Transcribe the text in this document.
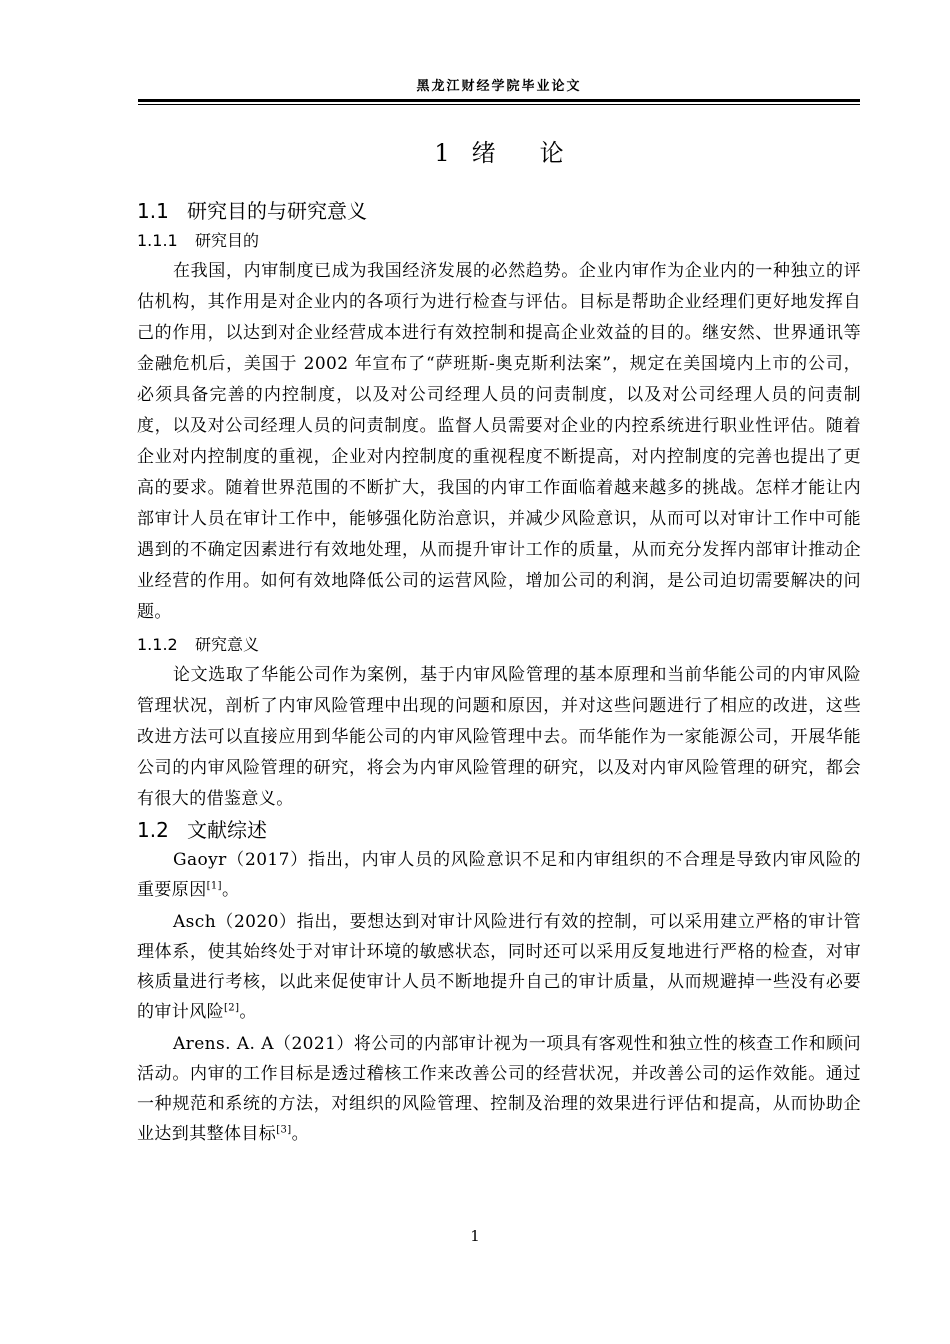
黑龙江财经学院毕业论文
1 绪 论
1.1 研究目的与研究意义
1.1.1 研究目的

在我国，内审制度已成为我国经济发展的必然趋势。企业内审作为企业内的一种独立的评估机构，其作用是对企业内的各项行为进行检查与评估。目标是帮助企业经理们更好地发挥自己的作用，以达到对企业经营成本进行有效控制和提高企业效益的目的。继安然、世界通讯等金融危机后，美国于 2002 年宣布了“萨班斯-奥克斯利法案”，规定在美国境内上市的公司，必须具备完善的内控制度，以及对公司经理人员的问责制度，以及对公司经理人员的问责制度，以及对公司经理人员的问责制度。监督人员需要对企业的内控系统进行职业性评估。随着企业对内控制度的重视，企业对内控制度的重视程度不断提高，对内控制度的完善也提出了更高的要求。随着世界范围的不断扩大，我国的内审工作面临着越来越多的挑战。怎样才能让内部审计人员在审计工作中，能够强化防治意识，并减少风险意识，从而可以对审计工作中可能遇到的不确定因素进行有效地处理，从而提升审计工作的质量，从而充分发挥内部审计推动企业经营的作用。如何有效地降低公司的运营风险，增加公司的利润，是公司迫切需要解决的问题。

1.1.2 研究意义

论文选取了华能公司作为案例，基于内审风险管理的基本原理和当前华能公司的内审风险管理状况，剖析了内审风险管理中出现的问题和原因，并对这些问题进行了相应的改进，这些改进方法可以直接应用到华能公司的内审风险管理中去。而华能作为一家能源公司，开展华能公司的内审风险管理的研究，将会为内审风险管理的研究，以及对内审风险管理的研究，都会有很大的借鉴意义。

1.2 文献综述

Gaoyr（2017）指出，内审人员的风险意识不足和内审组织的不合理是导致内审风险的重要原因[1]。

Asch（2020）指出，要想达到对审计风险进行有效的控制，可以采用建立严格的审计管理体系，使其始终处于对审计环境的敏感状态，同时还可以采用反复地进行严格的检查，对审核质量进行考核，以此来促使审计人员不断地提升自己的审计质量，从而规避掉一些没有必要的审计风险[2]。

Arens. A. A（2021）将公司的内部审计视为一项具有客观性和独立性的核查工作和顾问活动。内审的工作目标是透过稽核工作来改善公司的经营状况，并改善公司的运作效能。通过一种规范和系统的方法，对组织的风险管理、控制及治理的效果进行评估和提高，从而协助企业达到其整体目标[3]。

1
